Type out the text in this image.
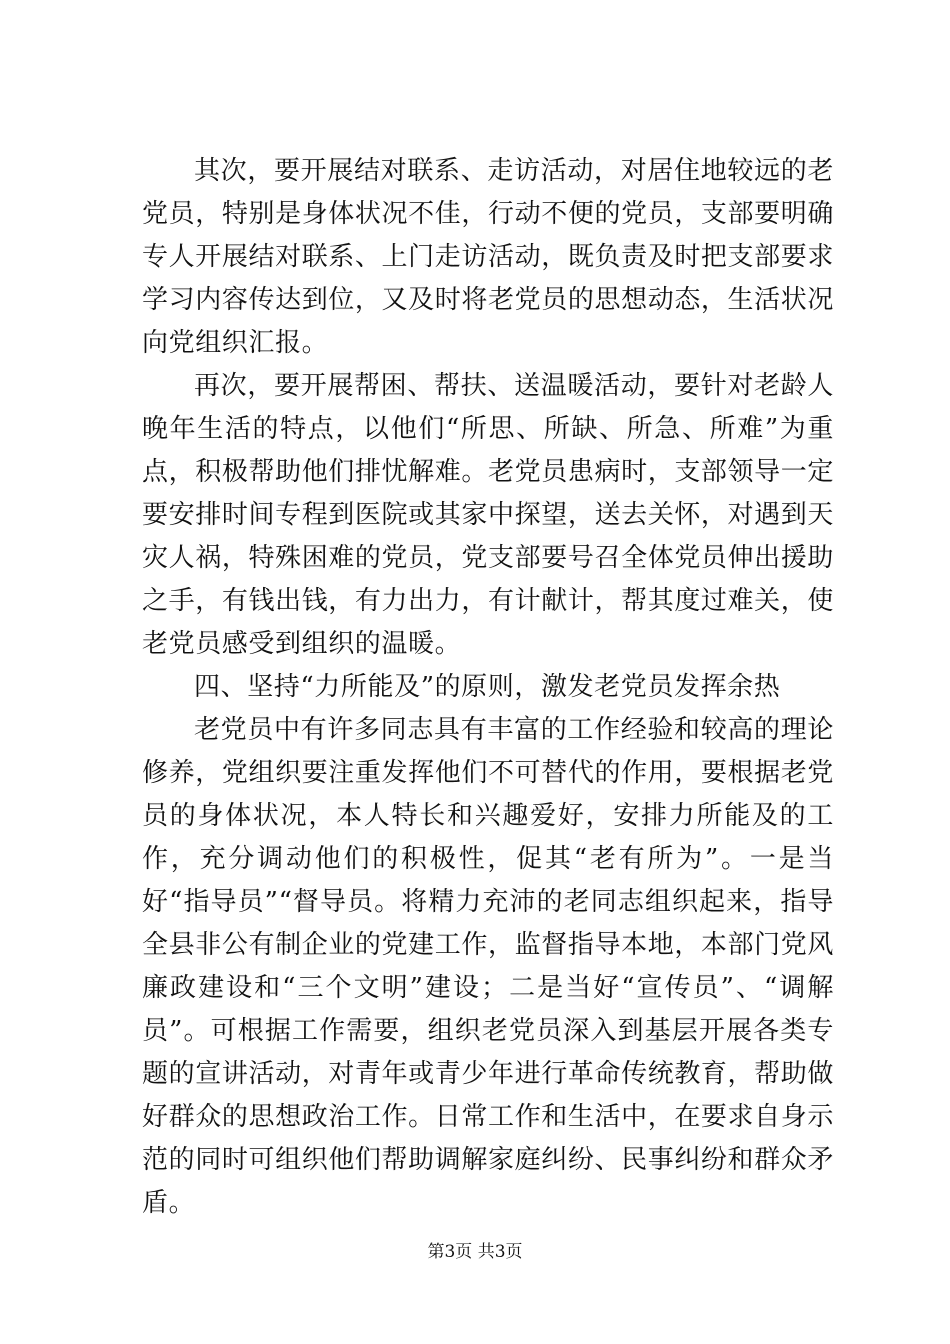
其次，要开展结对联系、走访活动，对居住地较远的老党员，特别是身体状况不佳，行动不便的党员，支部要明确专人开展结对联系、上门走访活动，既负责及时把支部要求学习内容传达到位，又及时将老党员的思想动态，生活状况向党组织汇报。

再次，要开展帮困、帮扶、送温暖活动，要针对老龄人晚年生活的特点，以他们“所思、所缺、所急、所难”为重点，积极帮助他们排忧解难。老党员患病时，支部领导一定要安排时间专程到医院或其家中探望，送去关怀，对遇到天灾人祸，特殊困难的党员，党支部要号召全体党员伸出援助之手，有钱出钱，有力出力，有计献计，帮其度过难关，使老党员感受到组织的温暖。

四、坚持“力所能及”的原则，激发老党员发挥余热

老党员中有许多同志具有丰富的工作经验和较高的理论修养，党组织要注重发挥他们不可替代的作用，要根据老党员的身体状况，本人特长和兴趣爱好，安排力所能及的工作，充分调动他们的积极性，促其“老有所为”。一是当好“指导员”“督导员。将精力充沛的老同志组织起来，指导全县非公有制企业的党建工作，监督指导本地，本部门党风廉政建设和“三个文明”建设；二是当好“宣传员”、“调解员”。可根据工作需要，组织老党员深入到基层开展各类专题的宣讲活动，对青年或青少年进行革命传统教育，帮助做好群众的思想政治工作。日常工作和生活中，在要求自身示范的同时可组织他们帮助调解家庭纠纷、民事纠纷和群众矛盾。

第3页 共3页
